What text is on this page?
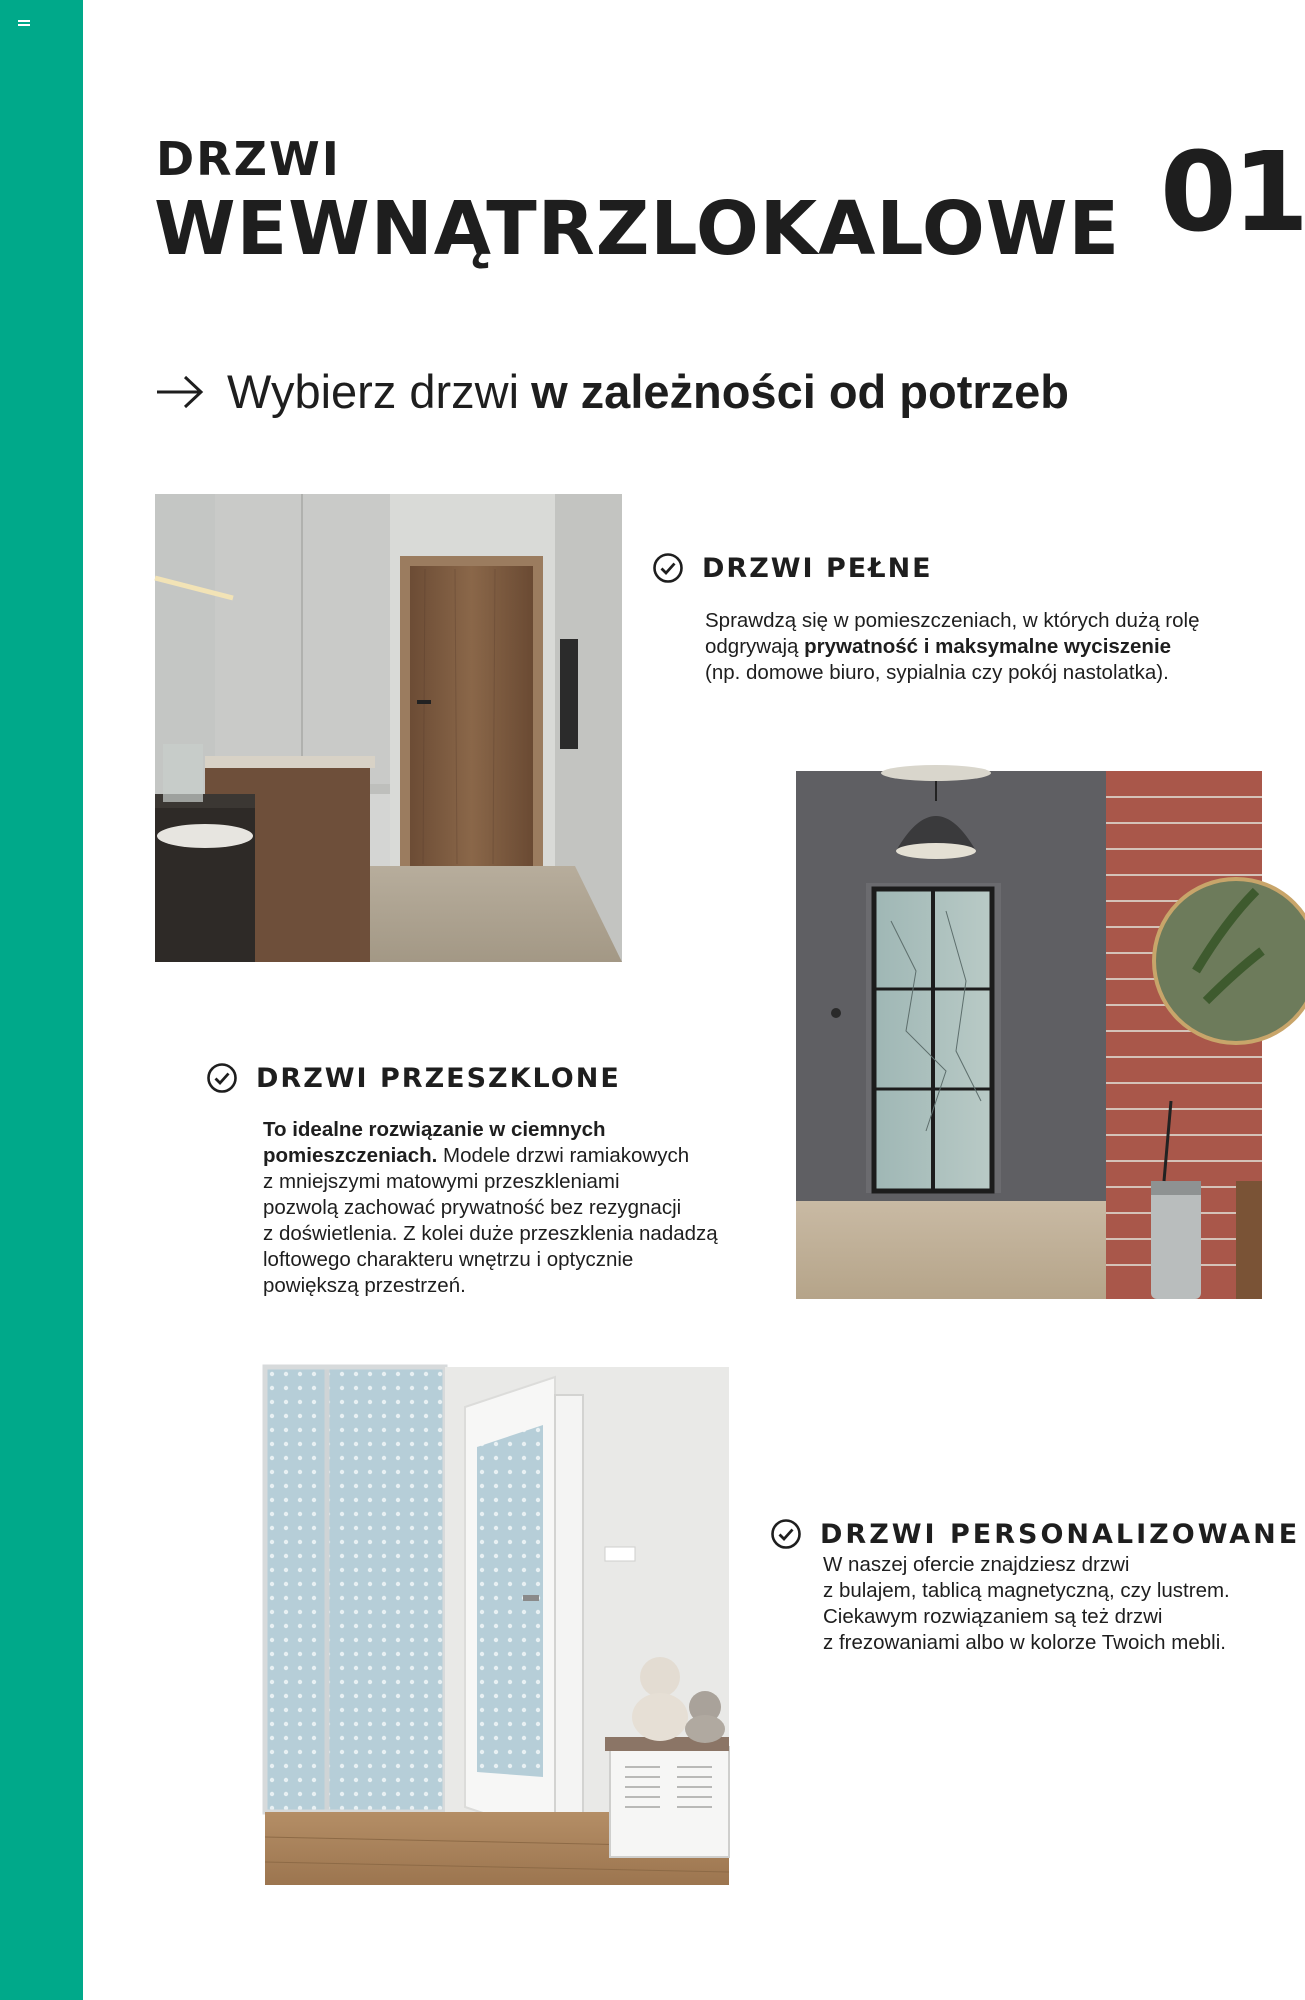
DRZWI
WEWNĄTRZLOKALOWE 01
Wybierz drzwi w zależności od potrzeb
DRZWI PEŁNE
Sprawdzą się w pomieszczeniach, w których dużą rolę
odgrywają prywatność i maksymalne wyciszenie
(np. domowe biuro, sypialnia czy pokój nastolatka).
DRZWI PRZESZKLONE
To idealne rozwiązanie w ciemnych
pomieszczeniach. Modele drzwi ramiakowych
z mniejszymi matowymi przeszkleniami
pozwolą zachować prywatność bez rezygnacji
z doświetlenia. Z kolei duże przeszklenia nadadzą
loftowego charakteru wnętrzu i optycznie
powiększą przestrzeń.
DRZWI PERSONALIZOWANE
W naszej ofercie znajdziesz drzwi
z bulajem, tablicą magnetyczną, czy lustrem.
Ciekawym rozwiązaniem są też drzwi
z frezowaniami albo w kolorze Twoich mebli.
